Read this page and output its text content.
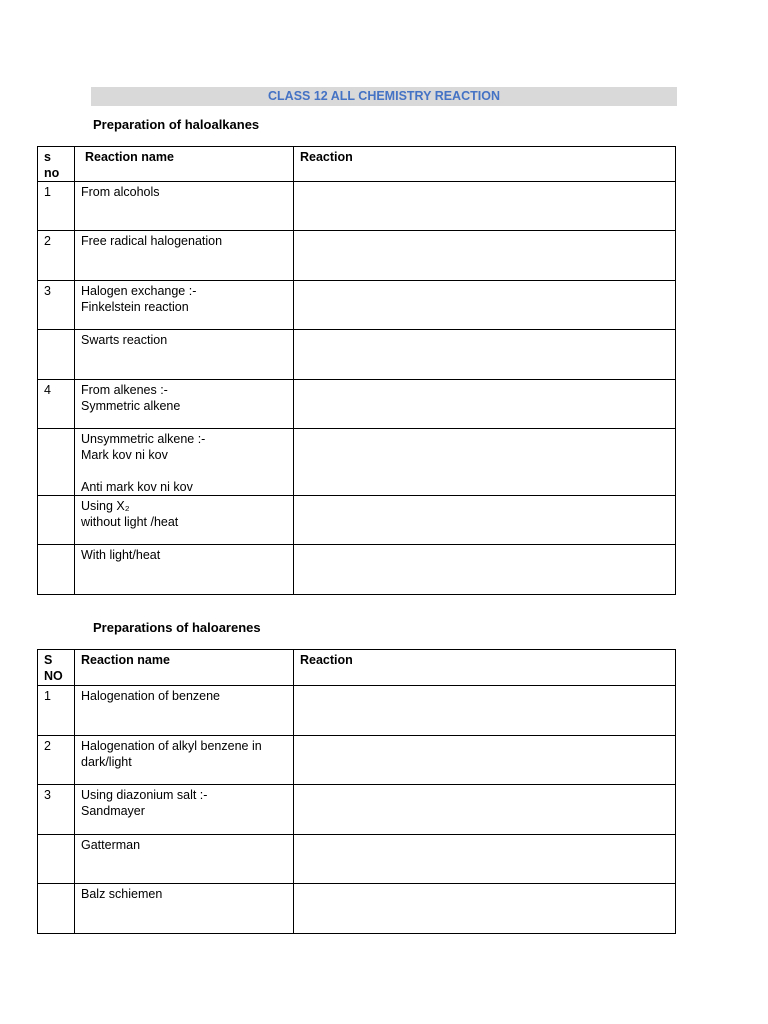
CLASS 12 ALL CHEMISTRY REACTION
Preparation of haloalkanes
s
no	Reaction name	Reaction
1	From alcohols	

2	Free radical halogenation	

3	Halogen exchange :-
Finkelstein reaction	

	Swarts reaction	

4	From alkenes :-
Symmetric alkene	

	Unsymmetric alkene :-
Mark kov ni kov
Anti mark kov ni kov	

	Using X₂
without light /heat	

	With light/heat	

Preparations of haloarenes
S
NO	Reaction name	Reaction
1	Halogenation of benzene	

2	Halogenation of alkyl benzene in
dark/light	

3	Using diazonium salt :-
Sandmayer	

	Gatterman	

	Balz schiemen	
